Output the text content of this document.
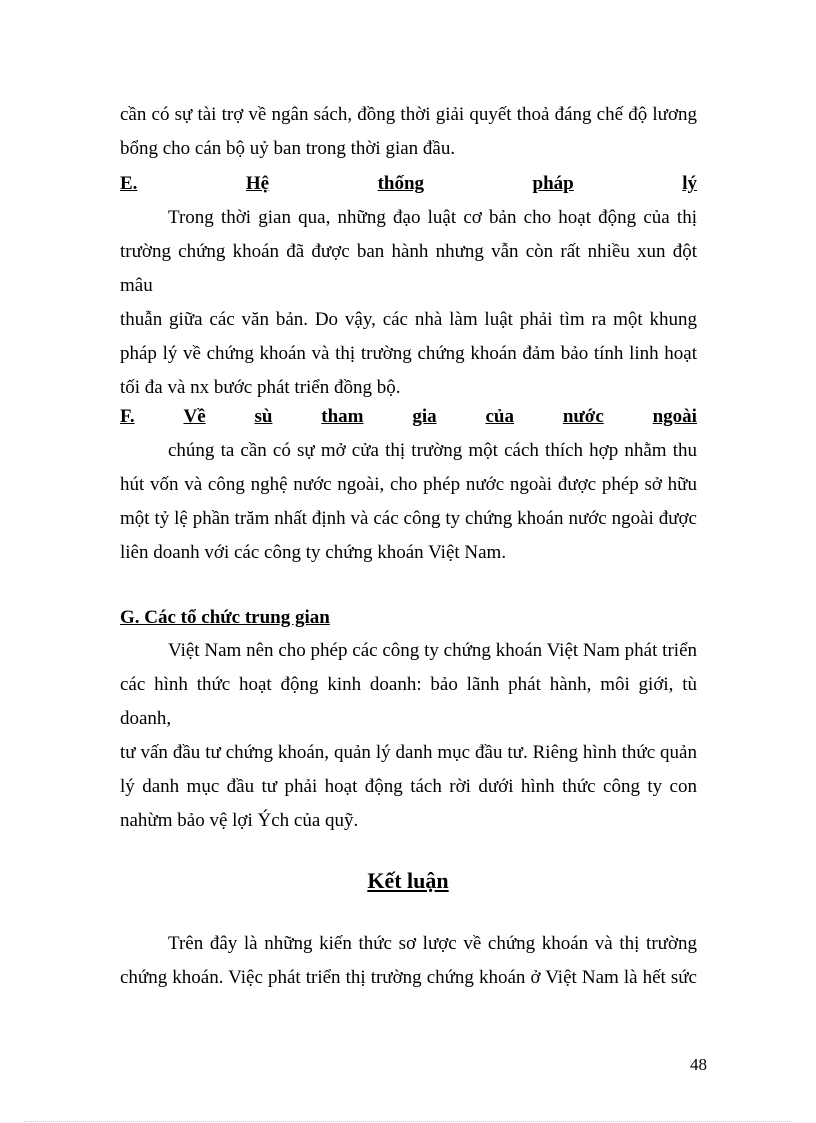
cần có sự tài trợ về ngân sách, đồng thời giải quyết thoả đáng chế độ lương

bổng cho cán bộ uỷ ban trong thời gian đầu.

E.	Hệ	thống	pháp	lý

Trong thời gian qua, những đạo luật cơ bản cho hoạt động của thị

trường chứng khoán đã được ban hành nhưng vẫn còn rất nhiều xun đột mâu

thuẫn giữa các văn bản. Do vậy, các nhà làm luật phải tìm ra một khung

pháp lý về chứng khoán và thị trường chứng khoán đảm bảo tính linh hoạt

tối đa và nx bước phát triển đồng bộ.

F.	Về	sù	tham	gia	của	nước	ngoài

chúng ta cần có sự mở cửa thị trường một cách thích hợp nhằm thu

hút vốn và công nghệ nước ngoài, cho phép nước ngoài được phép sở hữu

một tỷ lệ phần trăm nhất định và các công ty chứng khoán nước ngoài được

liên doanh với các công ty chứng khoán Việt Nam.

G. Các tổ chức trung gian

Việt Nam nên cho phép các công ty chứng khoán Việt Nam phát triển

các hình thức hoạt động kinh doanh: bảo lãnh phát hành, môi giới, tù doanh,

tư vấn đầu tư chứng khoán, quản lý danh mục đầu tư. Riêng hình thức quản

lý danh mục đầu tư phải hoạt động tách rời dưới hình thức công ty con

nahừm bảo vệ lợi Ých của quỹ.

Kết luận

Trên đây là những kiến thức sơ lược về chứng khoán và thị trường

chứng khoán. Việc phát triển thị trường chứng khoán ở Việt Nam là hết sức

48
